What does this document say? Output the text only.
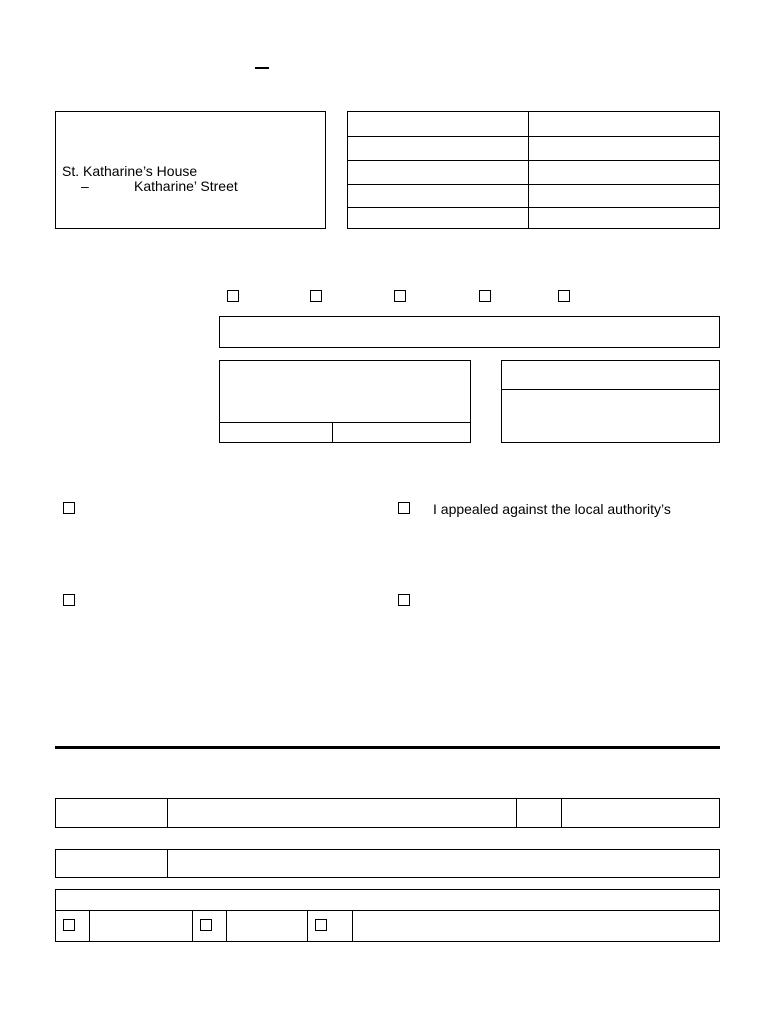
St. Katharine’s House
–	Katharine’ Street
I appealed against the local authority’s
